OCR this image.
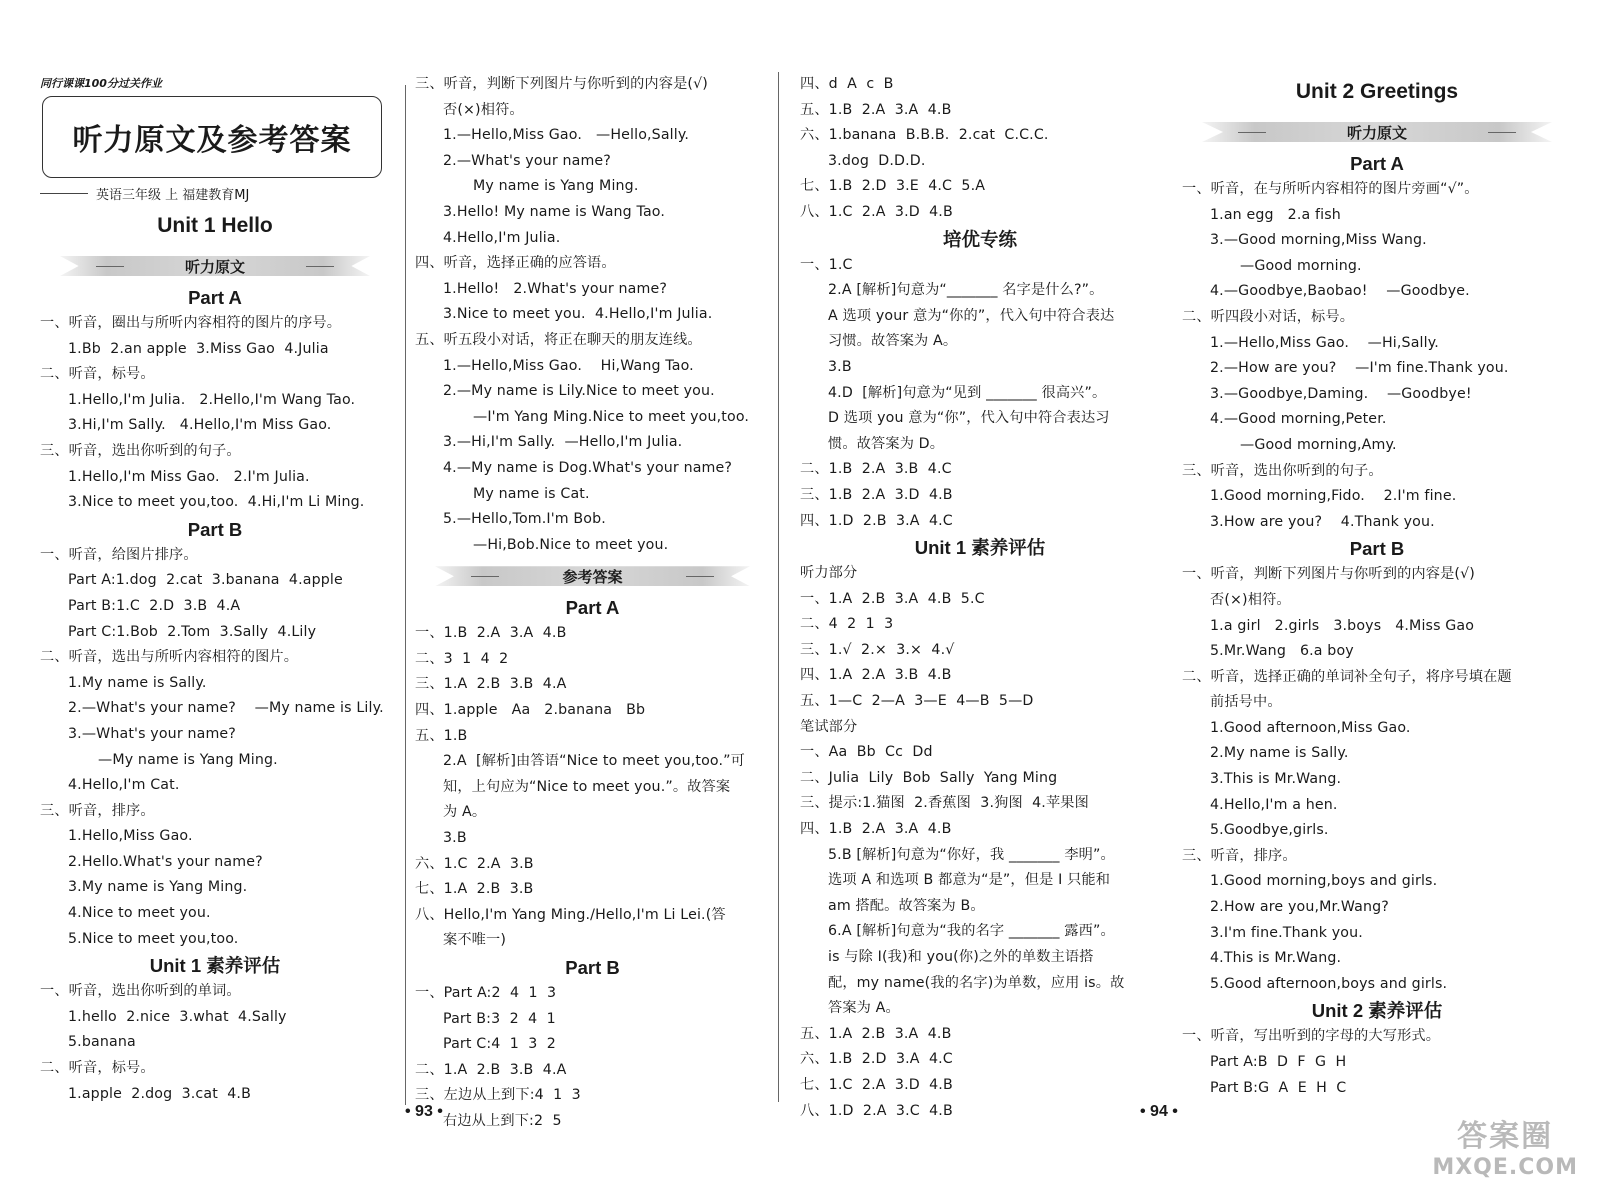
同行课课100分过关作业
听力原文及参考答案
英语三年级 上 福建教育MJ
Unit 1 Hello
听力原文
Part A
一、听音，圈出与所听内容相符的图片的序号。
1.Bb  2.an apple  3.Miss Gao  4.Julia
二、听音，标号。
1.Hello,I'm Julia.   2.Hello,I'm Wang Tao.
3.Hi,I'm Sally.   4.Hello,I'm Miss Gao.
三、听音，选出你听到的句子。
1.Hello,I'm Miss Gao.   2.I'm Julia.
3.Nice to meet you,too.  4.Hi,I'm Li Ming.
Part B
一、听音，给图片排序。
Part A:1.dog  2.cat  3.banana  4.apple
Part B:1.C  2.D  3.B  4.A
Part C:1.Bob  2.Tom  3.Sally  4.Lily
二、听音，选出与所听内容相符的图片。
1.My name is Sally.
2.—What's your name?    —My name is Lily.
3.—What's your name?
—My name is Yang Ming.
4.Hello,I'm Cat.
三、听音，排序。
1.Hello,Miss Gao.
2.Hello.What's your name?
3.My name is Yang Ming.
4.Nice to meet you.
5.Nice to meet you,too.
Unit 1 素养评估
一、听音，选出你听到的单词。
1.hello  2.nice  3.what  4.Sally
5.banana
二、听音，标号。
1.apple  2.dog  3.cat  4.B
三、听音，判断下列图片与你听到的内容是(√)
否(×)相符。
1.—Hello,Miss Gao.   —Hello,Sally.
2.—What's your name?
My name is Yang Ming.
3.Hello! My name is Wang Tao.
4.Hello,I'm Julia.
四、听音，选择正确的应答语。
1.Hello!   2.What's your name?
3.Nice to meet you.  4.Hello,I'm Julia.
五、听五段小对话，将正在聊天的朋友连线。
1.—Hello,Miss Gao.    Hi,Wang Tao.
2.—My name is Lily.Nice to meet you.
—I'm Yang Ming.Nice to meet you,too.
3.—Hi,I'm Sally.  —Hello,I'm Julia.
4.—My name is Dog.What's your name?
My name is Cat.
5.—Hello,Tom.I'm Bob.
—Hi,Bob.Nice to meet you.
参考答案
Part A
一、1.B  2.A  3.A  4.B
二、3  1  4  2
三、1.A  2.B  3.B  4.A
四、1.apple   Aa   2.banana   Bb
五、1.B
2.A  [解析]由答语“Nice to meet you,too.”可
知，上句应为“Nice to meet you.”。故答案
为 A。
3.B
六、1.C  2.A  3.B
七、1.A  2.B  3.B
八、Hello,I'm Yang Ming./Hello,I'm Li Lei.(答
案不唯一)
Part B
一、Part A:2  4  1  3
Part B:3  2  4  1
Part C:4  1  3  2
二、1.A  2.B  3.B  4.A
三、左边从上到下:4  1  3
右边从上到下:2  5
四、d  A  c  B
五、1.B  2.A  3.A  4.B
六、1.banana  B.B.B.  2.cat  C.C.C.
3.dog  D.D.D.
七、1.B  2.D  3.E  4.C  5.A
八、1.C  2.A  3.D  4.B
培优专练
一、1.C
2.A [解析]句意为“_______ 名字是什么?”。
A 选项 your 意为“你的”，代入句中符合表达
习惯。故答案为 A。
3.B
4.D  [解析]句意为“见到 _______ 很高兴”。
D 选项 you 意为“你”，代入句中符合表达习
惯。故答案为 D。
二、1.B  2.A  3.B  4.C
三、1.B  2.A  3.D  4.B
四、1.D  2.B  3.A  4.C
Unit 1 素养评估
听力部分
一、1.A  2.B  3.A  4.B  5.C
二、4  2  1  3
三、1.√  2.×  3.×  4.√
四、1.A  2.A  3.B  4.B
五、1—C  2—A  3—E  4—B  5—D
笔试部分
一、Aa  Bb  Cc  Dd
二、Julia  Lily  Bob  Sally  Yang Ming
三、提示:1.猫图  2.香蕉图  3.狗图  4.苹果图
四、1.B  2.A  3.A  4.B
5.B [解析]句意为“你好，我 _______ 李明”。
选项 A 和选项 B 都意为“是”，但是 I 只能和
am 搭配。故答案为 B。
6.A [解析]句意为“我的名字 _______ 露西”。
is 与除 I(我)和 you(你)之外的单数主语搭
配，my name(我的名字)为单数，应用 is。故
答案为 A。
五、1.A  2.B  3.A  4.B
六、1.B  2.D  3.A  4.C
七、1.C  2.A  3.D  4.B
八、1.D  2.A  3.C  4.B
Unit 2 Greetings
听力原文
Part A
一、听音，在与所听内容相符的图片旁画“√”。
1.an egg   2.a fish
3.—Good morning,Miss Wang.
—Good morning.
4.—Goodbye,Baobao!    —Goodbye.
二、听四段小对话，标号。
1.—Hello,Miss Gao.    —Hi,Sally.
2.—How are you?    —I'm fine.Thank you.
3.—Goodbye,Daming.    —Goodbye!
4.—Good morning,Peter.
—Good morning,Amy.
三、听音，选出你听到的句子。
1.Good morning,Fido.    2.I'm fine.
3.How are you?    4.Thank you.
Part B
一、听音，判断下列图片与你听到的内容是(√)
否(×)相符。
1.a girl   2.girls   3.boys   4.Miss Gao
5.Mr.Wang   6.a boy
二、听音，选择正确的单词补全句子，将序号填在题
前括号中。
1.Good afternoon,Miss Gao.
2.My name is Sally.
3.This is Mr.Wang.
4.Hello,I'm a hen.
5.Goodbye,girls.
三、听音，排序。
1.Good morning,boys and girls.
2.How are you,Mr.Wang?
3.I'm fine.Thank you.
4.This is Mr.Wang.
5.Good afternoon,boys and girls.
Unit 2 素养评估
一、听音，写出听到的字母的大写形式。
Part A:B  D  F  G  H
Part B:G  A  E  H  C
• 93 •	• 94 •
答案圈
MXQE.COM
